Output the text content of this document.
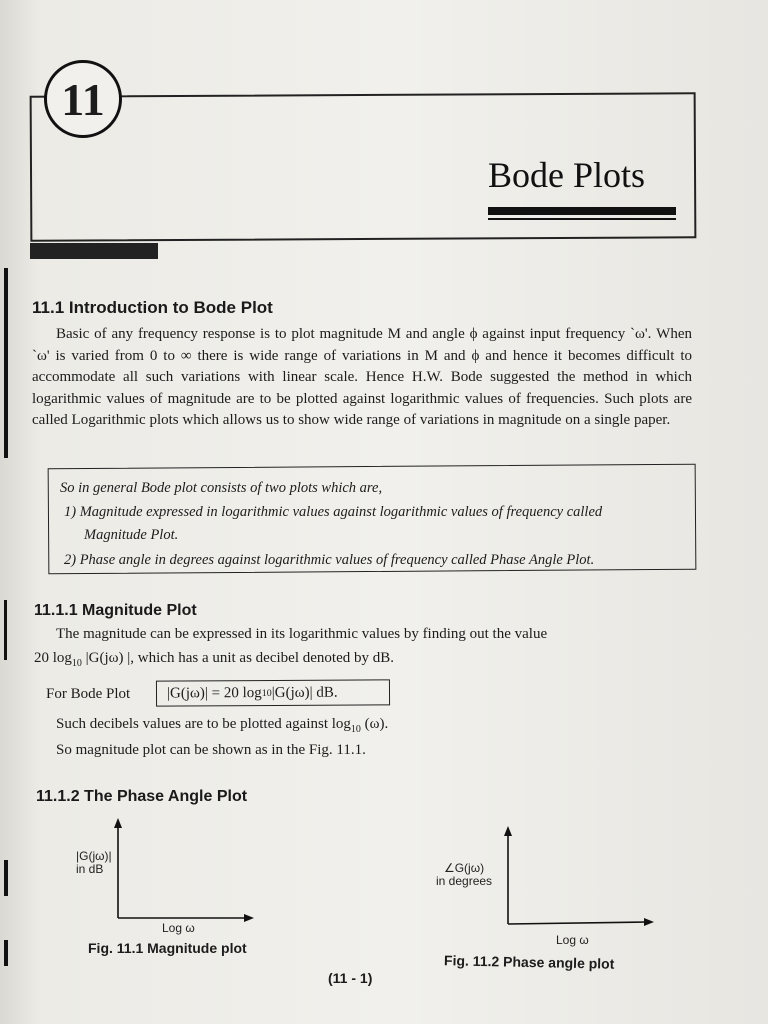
11
Bode Plots
11.1 Introduction to Bode Plot
Basic of any frequency response is to plot magnitude M and angle ϕ against input frequency `ω'. When `ω' is varied from 0 to ∞ there is wide range of variations in M and ϕ and hence it becomes difficult to accommodate all such variations with linear scale. Hence H.W. Bode suggested the method in which logarithmic values of magnitude are to be plotted against logarithmic values of frequencies. Such plots are called Logarithmic plots which allows us to show wide range of variations in magnitude on a single paper.
So in general Bode plot consists of two plots which are,
1) Magnitude expressed in logarithmic values against logarithmic values of frequency called
Magnitude Plot.
2) Phase angle in degrees against logarithmic values of frequency called Phase Angle Plot.
11.1.1 Magnitude Plot
The magnitude can be expressed in its logarithmic values by finding out the value
20 $\log_{10} |G(j\omega)$ |, which has a unit as decibel denoted by dB.
For Bode Plot |G(jω)| = 20 log 10 |G(jω)| dB.
Such decibels values are to be plotted against $\log_{10} (\omega)$.
So magnitude plot can be shown as in the Fig. 11.1.
11.1.2 The Phase Angle Plot
|G(jω)|
in dB
Log ω
Fig. 11.1 Magnitude plot
∠G(jω)
in degrees
Log ω
Fig. 11.2 Phase angle plot
(11 - 1)
